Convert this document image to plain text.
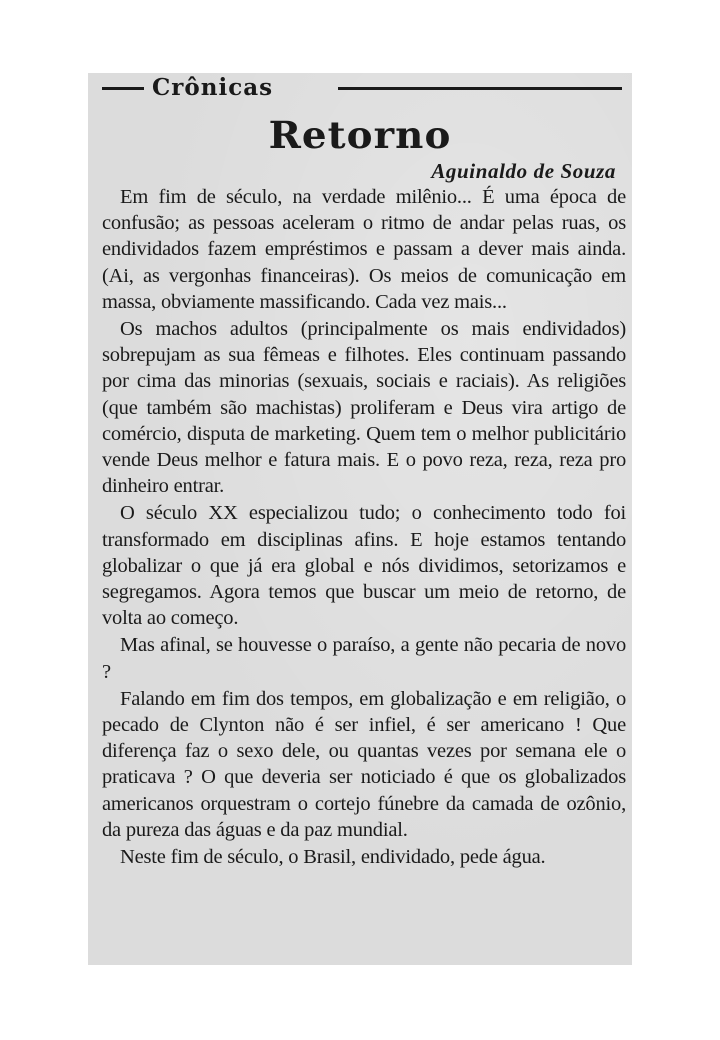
Crônicas
Retorno
Aguinaldo de Souza

Em fim de século, na verdade milênio... É uma época de confusão; as pessoas aceleram o ritmo de andar pelas ruas, os endividados fazem empréstimos e passam a dever mais ainda. (Ai, as vergonhas financeiras). Os meios de comunicação em massa, obviamente massificando. Cada vez mais...

Os machos adultos (principalmente os mais endividados) sobrepujam as sua fêmeas e filhotes. Eles continuam passando por cima das minorias (sexuais, sociais e raciais). As religiões (que também são machistas) proliferam e Deus vira artigo de comércio, disputa de marketing. Quem tem o melhor publicitário vende Deus melhor e fatura mais. E o povo reza, reza, reza pro dinheiro entrar.

O século XX especializou tudo; o conhecimento todo foi transformado em disciplinas afins. E hoje estamos tentando globalizar o que já era global e nós dividimos, setorizamos e segregamos. Agora temos que buscar um meio de retorno, de volta ao começo.

Mas afinal, se houvesse o paraíso, a gente não pecaria de novo ?

Falando em fim dos tempos, em globalização e em religião, o pecado de Clynton não é ser infiel, é ser americano ! Que diferença faz o sexo dele, ou quantas vezes por semana ele o praticava ? O que deveria ser noticiado é que os globalizados americanos orquestram o cortejo fúnebre da camada de ozônio, da pureza das águas e da paz mundial.

Neste fim de século, o Brasil, endividado, pede água.
